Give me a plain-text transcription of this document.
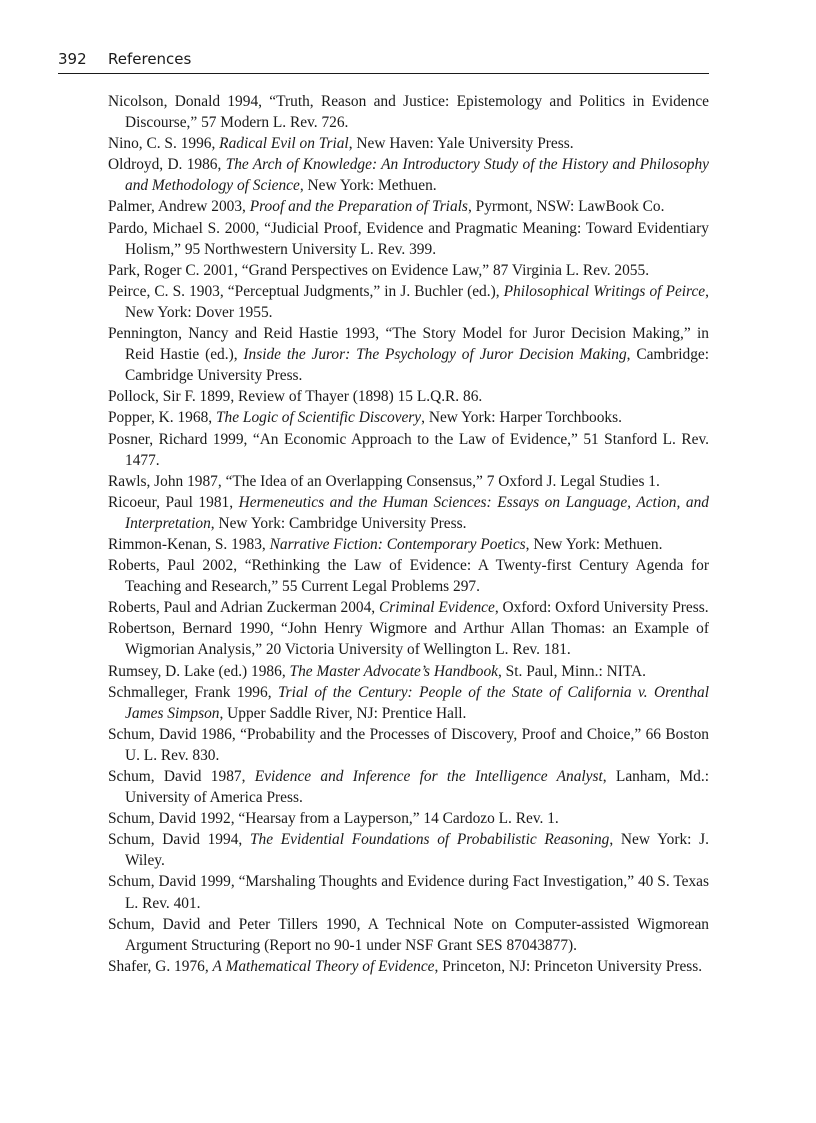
392 References
Nicolson, Donald 1994, “Truth, Reason and Justice: Epistemology and Politics in Evidence Discourse,” 57 Modern L. Rev. 726.
Nino, C. S. 1996, Radical Evil on Trial, New Haven: Yale University Press.
Oldroyd, D. 1986, The Arch of Knowledge: An Introductory Study of the History and Philosophy and Methodology of Science, New York: Methuen.
Palmer, Andrew 2003, Proof and the Preparation of Trials, Pyrmont, NSW: LawBook Co.
Pardo, Michael S. 2000, “Judicial Proof, Evidence and Pragmatic Meaning: Toward Evidentiary Holism,” 95 Northwestern University L. Rev. 399.
Park, Roger C. 2001, “Grand Perspectives on Evidence Law,” 87 Virginia L. Rev. 2055.
Peirce, C. S. 1903, “Perceptual Judgments,” in J. Buchler (ed.), Philosophical Writings of Peirce, New York: Dover 1955.
Pennington, Nancy and Reid Hastie 1993, “The Story Model for Juror Decision Making,” in Reid Hastie (ed.), Inside the Juror: The Psychology of Juror Decision Making, Cambridge: Cambridge University Press.
Pollock, Sir F. 1899, Review of Thayer (1898) 15 L.Q.R. 86.
Popper, K. 1968, The Logic of Scientific Discovery, New York: Harper Torchbooks.
Posner, Richard 1999, “An Economic Approach to the Law of Evidence,” 51 Stanford L. Rev. 1477.
Rawls, John 1987, “The Idea of an Overlapping Consensus,” 7 Oxford J. Legal Studies 1.
Ricoeur, Paul 1981, Hermeneutics and the Human Sciences: Essays on Language, Action, and Interpretation, New York: Cambridge University Press.
Rimmon-Kenan, S. 1983, Narrative Fiction: Contemporary Poetics, New York: Methuen.
Roberts, Paul 2002, “Rethinking the Law of Evidence: A Twenty-first Century Agenda for Teaching and Research,” 55 Current Legal Problems 297.
Roberts, Paul and Adrian Zuckerman 2004, Criminal Evidence, Oxford: Oxford University Press.
Robertson, Bernard 1990, “John Henry Wigmore and Arthur Allan Thomas: an Example of Wigmorian Analysis,” 20 Victoria University of Wellington L. Rev. 181.
Rumsey, D. Lake (ed.) 1986, The Master Advocate’s Handbook, St. Paul, Minn.: NITA.
Schmalleger, Frank 1996, Trial of the Century: People of the State of California v. Orenthal James Simpson, Upper Saddle River, NJ: Prentice Hall.
Schum, David 1986, “Probability and the Processes of Discovery, Proof and Choice,” 66 Boston U. L. Rev. 830.
Schum, David 1987, Evidence and Inference for the Intelligence Analyst, Lanham, Md.: University of America Press.
Schum, David 1992, “Hearsay from a Layperson,” 14 Cardozo L. Rev. 1.
Schum, David 1994, The Evidential Foundations of Probabilistic Reasoning, New York: J. Wiley.
Schum, David 1999, “Marshaling Thoughts and Evidence during Fact Investigation,” 40 S. Texas L. Rev. 401.
Schum, David and Peter Tillers 1990, A Technical Note on Computer-assisted Wigmorean Argument Structuring (Report no 90-1 under NSF Grant SES 87043877).
Shafer, G. 1976, A Mathematical Theory of Evidence, Princeton, NJ: Princeton University Press.
